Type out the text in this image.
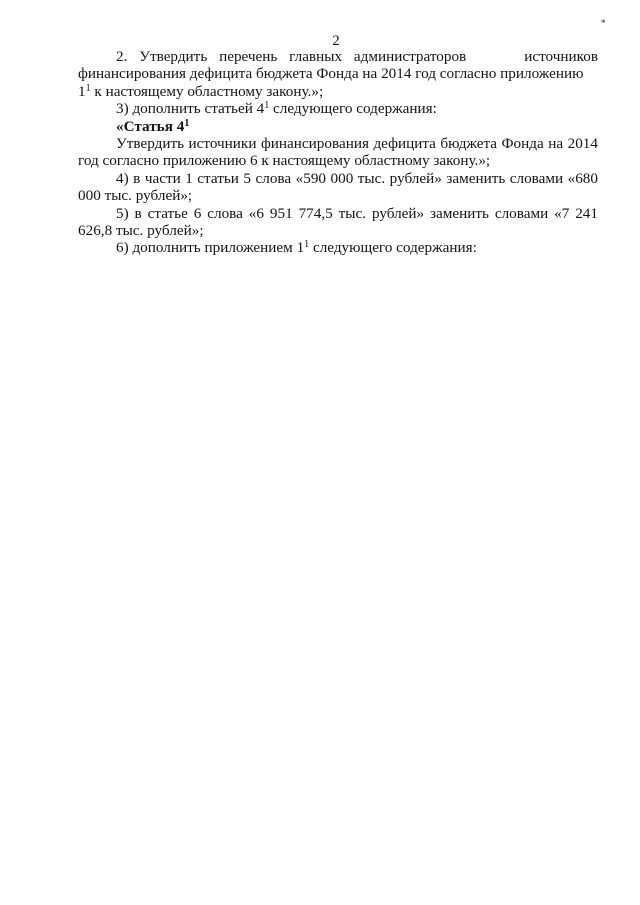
2
*

2. Утвердить перечень главных администраторов	источников

финансирования дефицита бюджета Фонда на 2014 год согласно приложению

$1^1$ к настоящему областному закону.»;

3) дополнить статьей $4^1$ следующего содержания:

«Статья $4^1$

Утвердить источники финансирования дефицита бюджета Фонда на 2014 год согласно приложению 6 к настоящему областному закону.»;

4) в части 1 статьи 5 слова «590 000 тыс. рублей» заменить словами «680 000 тыс. рублей»;

5) в статье 6 слова «6 951 774,5 тыс. рублей» заменить словами «7 241 626,8 тыс. рублей»;

6) дополнить приложением $1^1$ следующего содержания:
